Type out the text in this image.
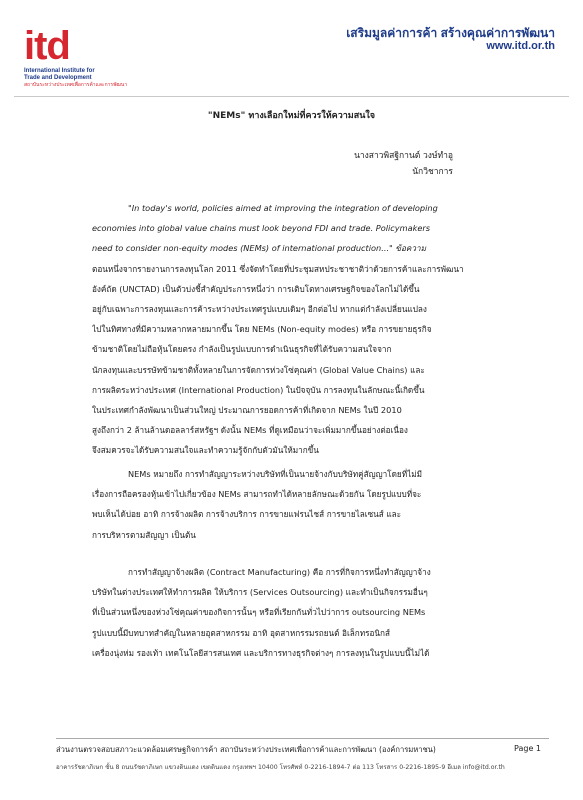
itd
International Institute for
Trade and Development
สถาบันระหว่างประเทศเพื่อการค้าและการพัฒนา
เสริมมูลค่าการค้า สร้างคุณค่าการพัฒนา
www.itd.or.th
"NEMs" ทางเลือกใหม่ที่ควรให้ความสนใจ
นางสาวพิสฐิกานต์ วงษ์ทำอู
นักวิชาการ
"In today's world, policies aimed at improving the integration of developing
economies into global value chains must look beyond FDI and trade. Policymakers
need to consider non-equity modes (NEMs) of international production..." ข้อความ
ตอนหนึ่งจากรายงานการลงทุนโลก 2011 ซึ่งจัดทำโดยที่ประชุมสหประชาชาติว่าด้วยการค้าและการพัฒนา
อังค์ถัด (UNCTAD) เป็นตัวบ่งชี้สำคัญประการหนึ่งว่า การเติบโตทางเศรษฐกิจของโลกไม่ได้ขึ้น
อยู่กับเฉพาะการลงทุนและการค้าระหว่างประเทศรูปแบบเดิมๆ อีกต่อไป หากแต่กำลังเปลี่ยนแปลง
ไปในทิศทางที่มีความหลากหลายมากขึ้น โดย NEMs (Non-equity modes) หรือ การขยายธุรกิจ
ข้ามชาติโดยไม่ถือหุ้นโดยตรง กำลังเป็นรูปแบบการดำเนินธุรกิจที่ได้รับความสนใจจาก
นักลงทุนและบรรษัทข้ามชาติทั้งหลายในการจัดการห่วงโซ่คุณค่า (Global Value Chains) และ
การผลิตระหว่างประเทศ (International Production) ในปัจจุบัน การลงทุนในลักษณะนี้เกิดขึ้น
ในประเทศกำลังพัฒนาเป็นส่วนใหญ่ ประมาณการยอดการค้าที่เกิดจาก NEMs ในปี 2010
สูงถึงกว่า 2 ล้านล้านดอลลาร์สหรัฐฯ ดังนั้น NEMs ที่ดูเหมือนว่าจะเพิ่มมากขึ้นอย่างต่อเนื่อง
จึงสมควรจะได้รับความสนใจและทำความรู้จักกับตัวมันให้มากขึ้น
NEMs หมายถึง การทำสัญญาระหว่างบริษัทที่เป็นนายจ้างกับบริษัทคู่สัญญาโดยที่ไม่มี
เรื่องการถือครองหุ้นเข้าไปเกี่ยวข้อง NEMs สามารถทำได้หลายลักษณะด้วยกัน โดยรูปแบบที่จะ
พบเห็นได้บ่อย อาทิ การจ้างผลิต การจ้างบริการ การขายแฟรนไชส์ การขายไลเซนส์ และ
การบริหารตามสัญญา เป็นต้น
การทำสัญญาจ้างผลิต (Contract Manufacturing) คือ การที่กิจการหนึ่งทำสัญญาจ้าง
บริษัทในต่างประเทศให้ทำการผลิต ให้บริการ (Services Outsourcing) และทำเป็นกิจกรรมอื่นๆ
ที่เป็นส่วนหนึ่งของห่วงโซ่คุณค่าของกิจการนั้นๆ หรือที่เรียกกันทั่วไปว่าการ outsourcing NEMs
รูปแบบนี้มีบทบาทสำคัญในหลายอุตสาหกรรม อาทิ อุตสาหกรรมรถยนต์ อิเล็กทรอนิกส์
เครื่องนุ่งห่ม รองเท้า เทคโนโลยีสารสนเทศ และบริการทางธุรกิจต่างๆ การลงทุนในรูปแบบนี้ไม่ได้
ส่วนงานตรวจสอบสภาวะแวดล้อมเศรษฐกิจการค้า สถาบันระหว่างประเทศเพื่อการค้าและการพัฒนา (องค์การมหาชน)	Page 1
อาคารรัชดาภิเษก ชั้น 8 ถนนรัชดาภิเษก แขวงดินแดง เขตดินแดง กรุงเทพฯ 10400 โทรศัพท์ 0-2216-1894-7 ต่อ 113 โทรสาร 0-2216-1895-9 อีเมล info@itd.or.th
